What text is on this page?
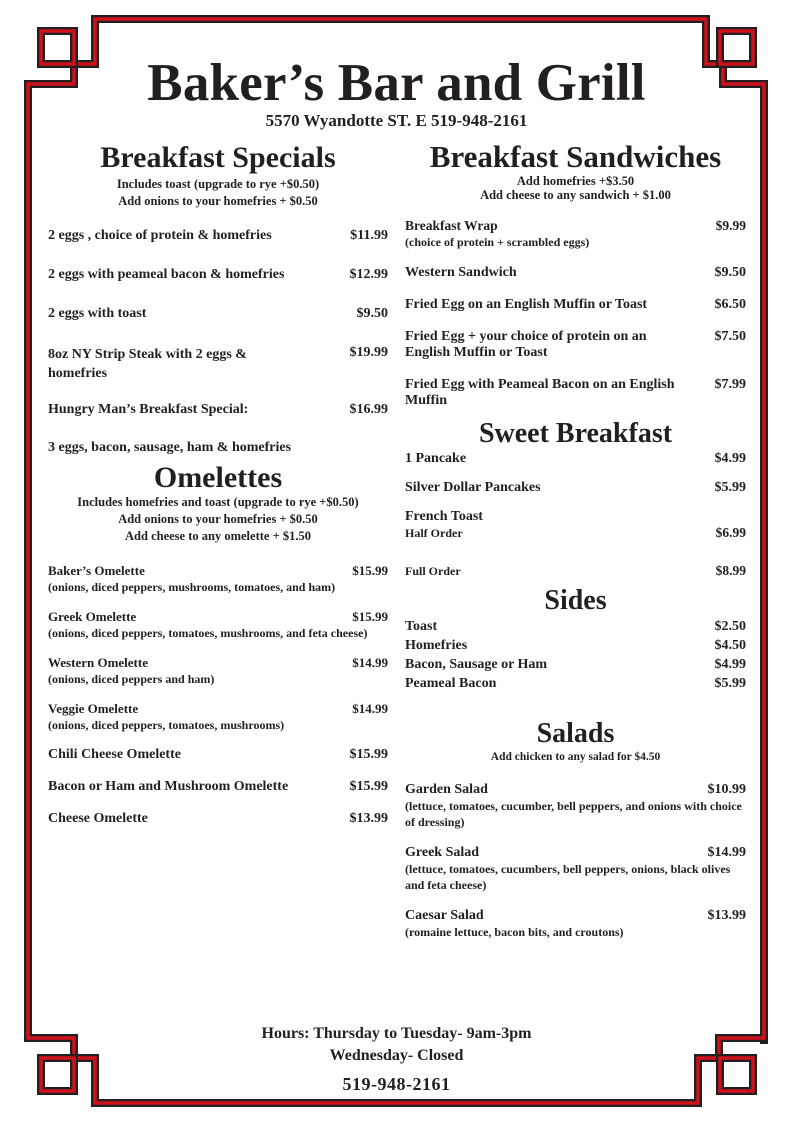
Baker’s Bar and Grill
5570 Wyandotte ST. E 519-948-2161
Breakfast Specials
Includes toast (upgrade to rye +$0.50)
Add onions to your homefries + $0.50
2 eggs , choice of protein & homefries	$11.99
2 eggs with peameal bacon & homefries	$12.99
2 eggs with toast	$9.50
8oz NY Strip Steak with 2 eggs & homefries
$19.99
Hungry Man’s Breakfast Special:	$16.99
3 eggs, bacon, sausage, ham & homefries
Omelettes
Includes homefries and toast (upgrade to rye +$0.50)
Add onions to your homefries + $0.50
Add cheese to any omelette + $1.50
Baker’s Omelette	$15.99
(onions, diced peppers, mushrooms, tomatoes, and ham)
Greek Omelette	$15.99
(onions, diced peppers, tomatoes, mushrooms, and feta cheese)
Western Omelette	$14.99
(onions, diced peppers and ham)
Veggie Omelette	$14.99
(onions, diced peppers, tomatoes, mushrooms)
Chili Cheese Omelette	$15.99
Bacon or Ham and Mushroom Omelette	$15.99
Cheese Omelette	$13.99
Breakfast Sandwiches
Add homefries +$3.50
Add cheese to any sandwich + $1.00
Breakfast Wrap	$9.99
(choice of protein + scrambled eggs)
Western Sandwich	$9.50
Fried Egg on an English Muffin or Toast	$6.50
Fried Egg + your choice of protein on an English Muffin or Toast
$7.50
Fried Egg with Peameal Bacon on an English Muffin
$7.99
Sweet Breakfast
1 Pancake	$4.99
Silver Dollar Pancakes	$5.99
French Toast
Half Order	$6.99
Full Order	$8.99
Sides
Toast	$2.50
Homefries	$4.50
Bacon, Sausage or Ham	$4.99
Peameal Bacon	$5.99
Salads
Add chicken to any salad for $4.50
Garden Salad	$10.99
(lettuce, tomatoes, cucumber, bell peppers, and onions with choice of dressing)
Greek Salad	$14.99
(lettuce, tomatoes, cucumbers, bell peppers, onions, black olives and feta cheese)
Caesar Salad	$13.99
(romaine lettuce, bacon bits, and croutons)
Hours: Thursday to Tuesday- 9am-3pm
Wednesday- Closed
519-948-2161
